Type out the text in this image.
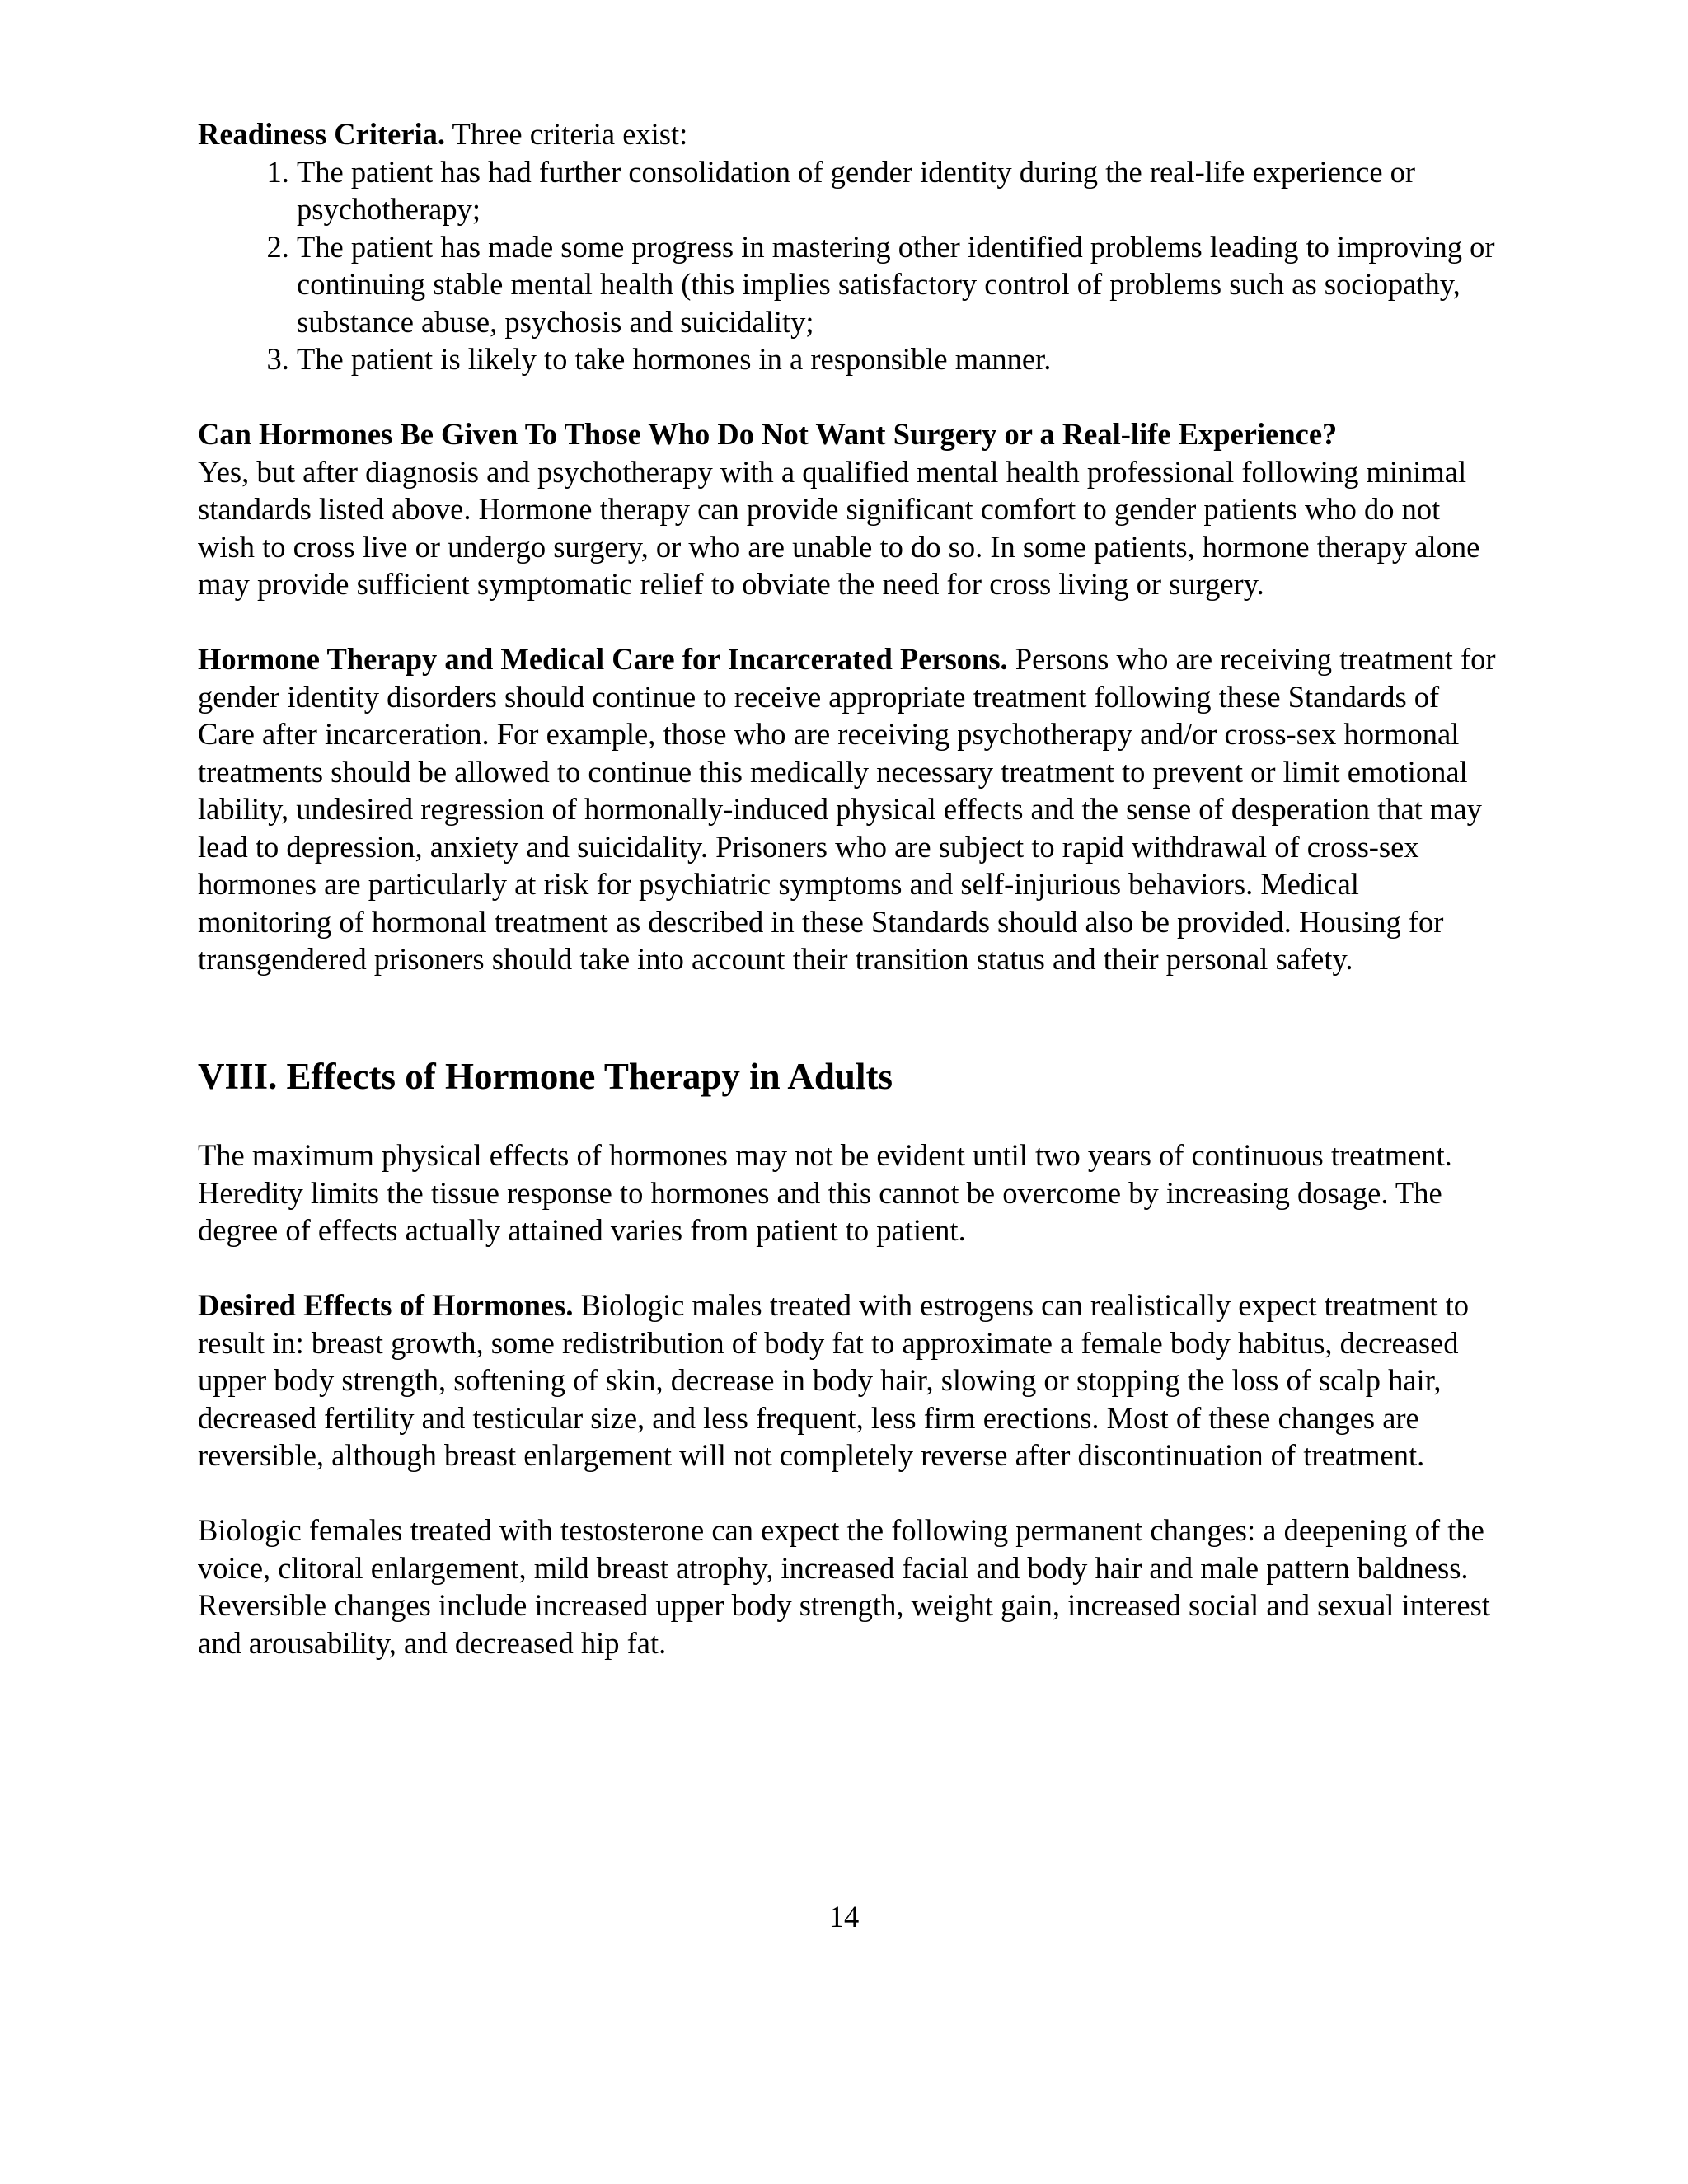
Readiness Criteria. Three criteria exist:

1. The patient has had further consolidation of gender identity during the real-life experience or psychotherapy;
2. The patient has made some progress in mastering other identified problems leading to improving or continuing stable mental health (this implies satisfactory control of problems such as sociopathy, substance abuse, psychosis and suicidality;
3. The patient is likely to take hormones in a responsible manner.

Can Hormones Be Given To Those Who Do Not Want Surgery or a Real-life Experience?

Yes, but after diagnosis and psychotherapy with a qualified mental health professional following minimal standards listed above. Hormone therapy can provide significant comfort to gender patients who do not wish to cross live or undergo surgery, or who are unable to do so. In some patients, hormone therapy alone may provide sufficient symptomatic relief to obviate the need for cross living or surgery.

Hormone Therapy and Medical Care for Incarcerated Persons. Persons who are receiving treatment for gender identity disorders should continue to receive appropriate treatment following these Standards of Care after incarceration. For example, those who are receiving psychotherapy and/or cross-sex hormonal treatments should be allowed to continue this medically necessary treatment to prevent or limit emotional lability, undesired regression of hormonally-induced physical effects and the sense of desperation that may lead to depression, anxiety and suicidality. Prisoners who are subject to rapid withdrawal of cross-sex hormones are particularly at risk for psychiatric symptoms and self-injurious behaviors. Medical monitoring of hormonal treatment as described in these Standards should also be provided. Housing for transgendered prisoners should take into account their transition status and their personal safety.

VIII. Effects of Hormone Therapy in Adults

The maximum physical effects of hormones may not be evident until two years of continuous treatment. Heredity limits the tissue response to hormones and this cannot be overcome by increasing dosage. The degree of effects actually attained varies from patient to patient.

Desired Effects of Hormones. Biologic males treated with estrogens can realistically expect treatment to result in: breast growth, some redistribution of body fat to approximate a female body habitus, decreased upper body strength, softening of skin, decrease in body hair, slowing or stopping the loss of scalp hair, decreased fertility and testicular size, and less frequent, less firm erections. Most of these changes are reversible, although breast enlargement will not completely reverse after discontinuation of treatment.

Biologic females treated with testosterone can expect the following permanent changes: a deepening of the voice, clitoral enlargement, mild breast atrophy, increased facial and body hair and male pattern baldness. Reversible changes include increased upper body strength, weight gain, increased social and sexual interest and arousability, and decreased hip fat.

14
